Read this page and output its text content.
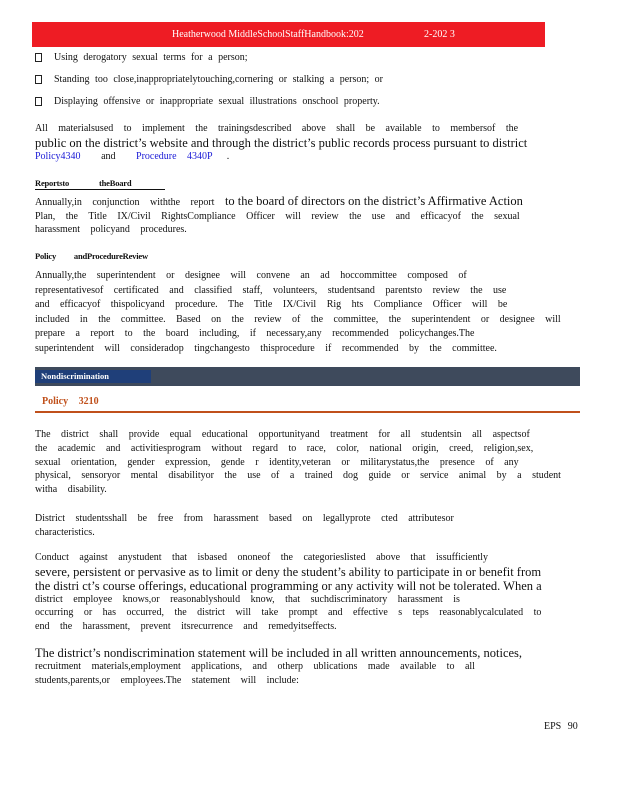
Heatherwood MiddleSchoolStaffHandbook:202	2-202 3
Using derogatory sexual terms for a person;
Standing too close,inappropriatelytouching,cornering or stalking a person; or
Displaying offensive or inappropriate sexual illustrations onschool property.
All materialsused to implement the trainingsdescribed above shall be available to membersof the
public on the district’s website and through the district’s public records process pursuant to district
Policy4340 and Procedure 4340P .
Reportsto theBoard
Annually,in conjunction withthe report to the board of directors on the district’s Affirmative Action
Plan, the Title IX/Civil RightsCompliance Officer will review the use and efficacyof the sexual
harassment policyand procedures.
Policy andProcedureReview
Annually,the superintendent or designee will convene an ad hoccommittee composed of
representativesof certificated and classified staff, volunteers, studentsand parentsto review the use
and efficacyof thispolicyand procedure. The Title IX/Civil Rig hts Compliance Officer will be
included in the committee. Based on the review of the committee, the superintendent or designee will
prepare a report to the board including, if necessary,any recommended policychanges.The
superintendent will consideradop tingchangesto thisprocedure if recommended by the committee.
Nondiscrimination
Policy 3210
The district shall provide equal educational opportunityand treatment for all studentsin all aspectsof
the academic and activitiesprogram without regard to race, color, national origin, creed, religion,sex,
sexual orientation, gender expression, gende r identity,veteran or militarystatus,the presence of any
physical, sensoryor mental disabilityor the use of a trained dog guide or service animal by a student
witha disability.
District studentsshall be free from harassment based on legallyprote cted attributesor
characteristics.
Conduct against anystudent that isbased ononeof the categorieslisted above that issufficiently
severe, persistent or pervasive as to limit or deny the student’s ability to participate in or benefit from
the distri ct’s course offerings, educational programming or any activity will not be tolerated. When a
district employee knows,or reasonablyshould know, that suchdiscriminatory harassment is
occurring or has occurred, the district will take prompt and effective s teps reasonablycalculated to
end the harassment, prevent itsrecurrence and remedyitseffects.
The district’s nondiscrimination statement will be included in all written announcements, notices,
recruitment materials,employment applications, and otherp ublications made available to all
students,parents,or employees.The statement will include:
EPS 90
